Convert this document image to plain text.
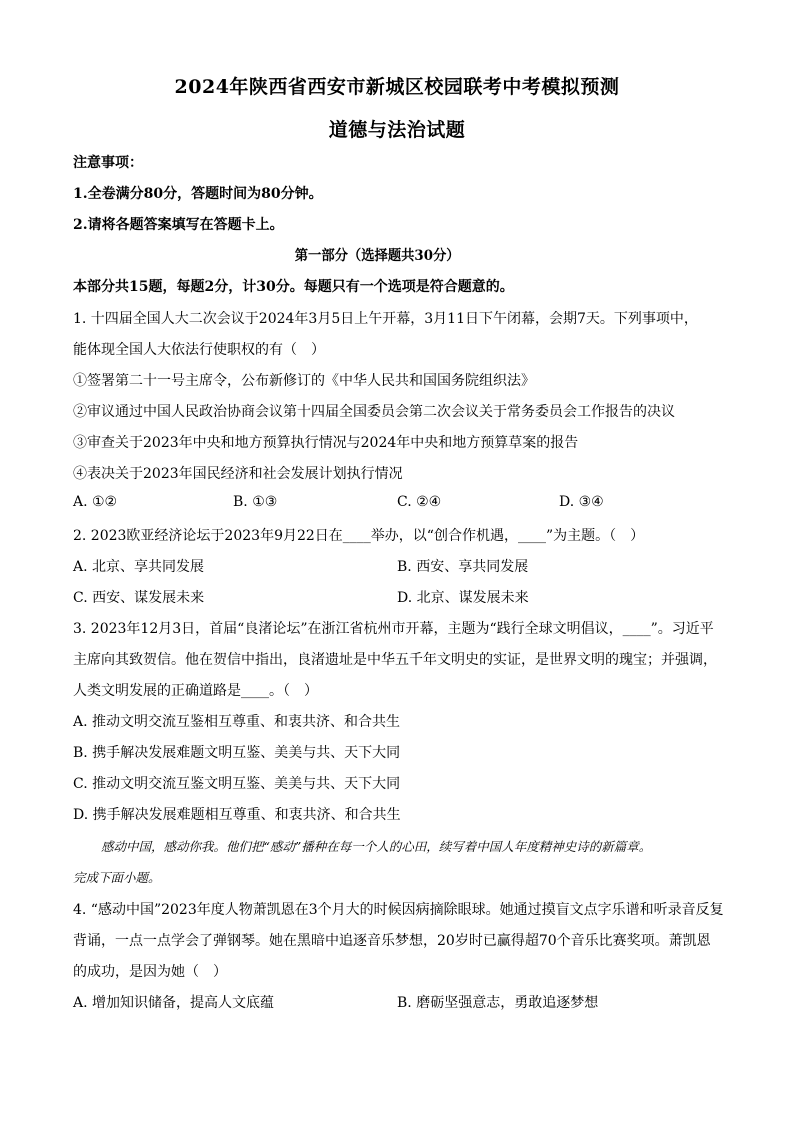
2024年陕西省西安市新城区校园联考中考模拟预测
道德与法治试题
注意事项：
1.全卷满分80分，答题时间为80分钟。
2.请将各题答案填写在答题卡上。
第一部分（选择题共30分）
本部分共15题，每题2分，计30分。每题只有一个选项是符合题意的。
1. 十四届全国人大二次会议于2024年3月5日上午开幕，3月11日下午闭幕，会期7天。下列事项中，
能体现全国人大依法行使职权的有（　）
①签署第二十一号主席令，公布新修订的《中华人民共和国国务院组织法》
②审议通过中国人民政治协商会议第十四届全国委员会第二次会议关于常务委员会工作报告的决议
③审查关于2023年中央和地方预算执行情况与2024年中央和地方预算草案的报告
④表决关于2023年国民经济和社会发展计划执行情况
A. ①②	B. ①③	C. ②④	D. ③④
2. 2023欧亚经济论坛于2023年9月22日在____举办，以“创合作机遇，____”为主题。（　）
A. 北京、享共同发展	B. 西安、享共同发展
C. 西安、谋发展未来	D. 北京、谋发展未来
3. 2023年12月3日，首届“良渚论坛”在浙江省杭州市开幕，主题为“践行全球文明倡议，____”。习近平
主席向其致贺信。他在贺信中指出，良渚遗址是中华五千年文明史的实证，是世界文明的瑰宝；并强调，
人类文明发展的正确道路是____。（　）
A. 推动文明交流互鉴相互尊重、和衷共济、和合共生
B. 携手解决发展难题文明互鉴、美美与共、天下大同
C. 推动文明交流互鉴文明互鉴、美美与共、天下大同
D. 携手解决发展难题相互尊重、和衷共济、和合共生
感动中国，感动你我。他们把“感动”播种在每一个人的心田，续写着中国人年度精神史诗的新篇章。
完成下面小题。
4. “感动中国”2023年度人物萧凯恩在3个月大的时候因病摘除眼球。她通过摸盲文点字乐谱和听录音反复
背诵，一点一点学会了弹钢琴。她在黑暗中追逐音乐梦想，20岁时已赢得超70个音乐比赛奖项。萧凯恩
的成功，是因为她（　）
A. 增加知识储备，提高人文底蕴	B. 磨砺坚强意志，勇敢追逐梦想
